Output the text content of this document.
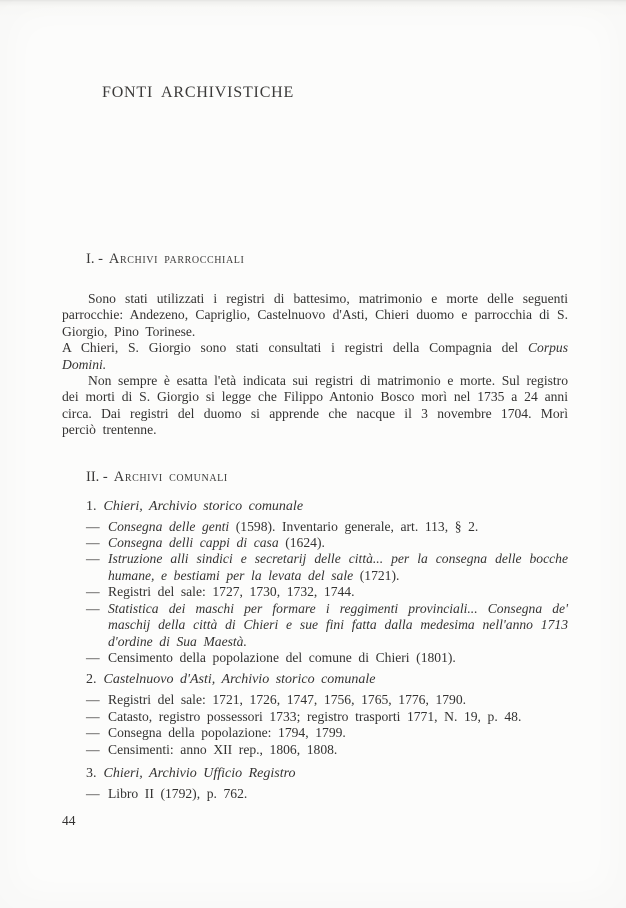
FONTI ARCHIVISTICHE
I. - Archivi parrocchiali

Sono stati utilizzati i registri di battesimo, matrimonio e morte delle seguenti parrocchie: Andezeno, Capriglio, Castelnuovo d'Asti, Chieri duomo e parrocchia di S. Giorgio, Pino Torinese.

A Chieri, S. Giorgio sono stati consultati i registri della Compagnia del Corpus Domini.

Non sempre è esatta l'età indicata sui registri di matrimonio e morte. Sul registro dei morti di S. Giorgio si legge che Filippo Antonio Bosco morì nel 1735 a 24 anni circa. Dai registri del duomo si apprende che nacque il 3 novembre 1704. Morì perciò trentenne.

II. - Archivi comunali
1. Chieri, Archivio storico comunale
— Consegna delle genti (1598). Inventario generale, art. 113, § 2.
— Consegna delli cappi di casa (1624).
— Istruzione alli sindici e secretarij delle città... per la consegna delle bocche humane, e bestiami per la levata del sale (1721).
— Registri del sale: 1727, 1730, 1732, 1744.
— Statistica dei maschi per formare i reggimenti provinciali... Consegna de' maschij della città di Chieri e sue fini fatta dalla medesima nell'anno 1713 d'ordine di Sua Maestà.
— Censimento della popolazione del comune di Chieri (1801).
2. Castelnuovo d'Asti, Archivio storico comunale
— Registri del sale: 1721, 1726, 1747, 1756, 1765, 1776, 1790.
— Catasto, registro possessori 1733; registro trasporti 1771, N. 19, p. 48.
— Consegna della popolazione: 1794, 1799.
— Censimenti: anno XII rep., 1806, 1808.
3. Chieri, Archivio Ufficio Registro
— Libro II (1792), p. 762.
44
